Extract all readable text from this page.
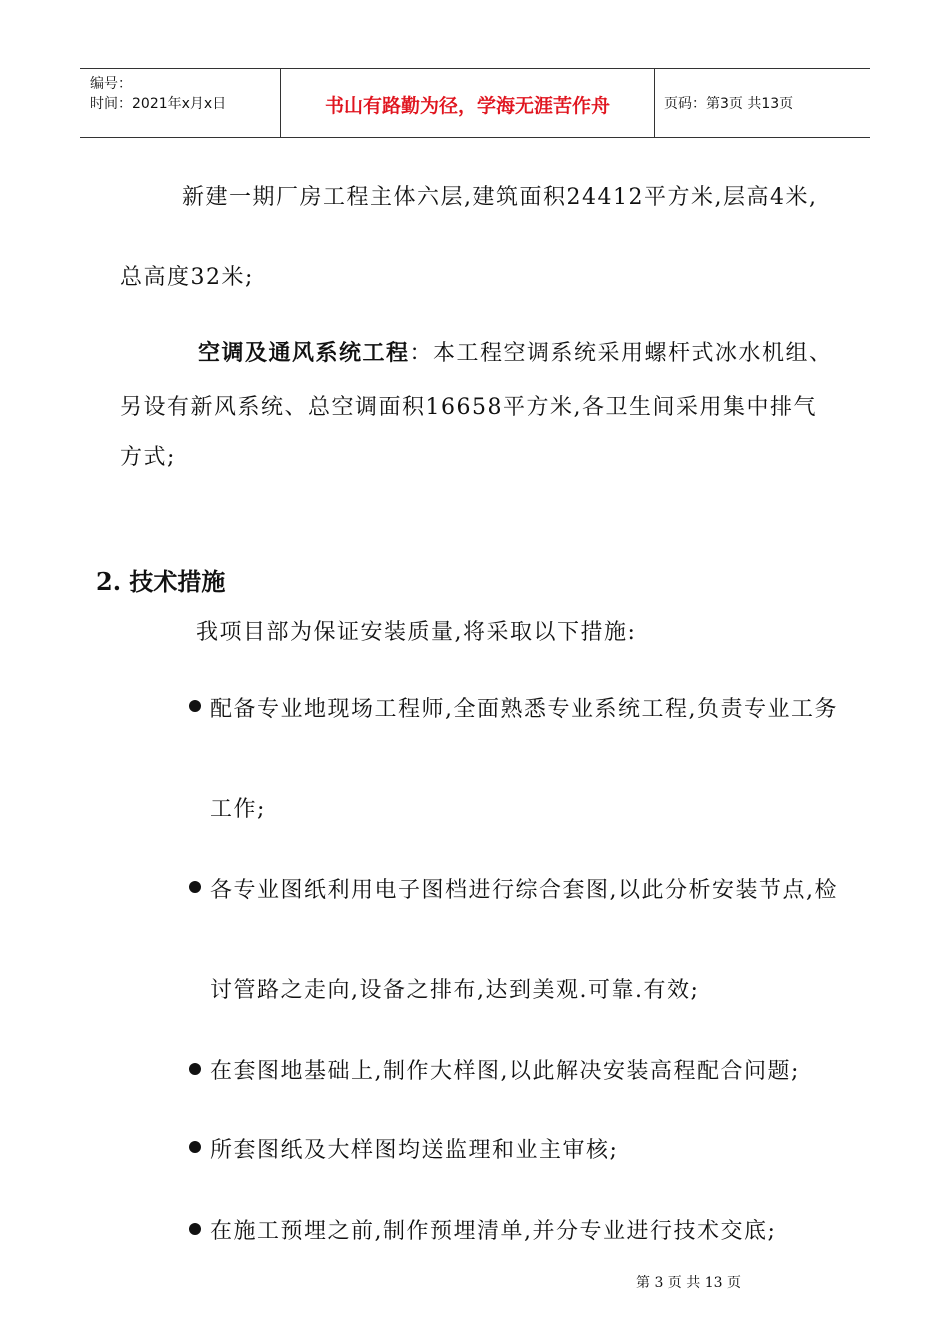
编号：
时间：2021年x月x日	书山有路勤为径，学海无涯苦作舟	页码：第3页 共13页
新建一期厂房工程主体六层,建筑面积24412平方米,层高4米,
总高度32米;
空调及通风系统工程：本工程空调系统采用螺杆式冰水机组、
另设有新风系统、总空调面积16658平方米,各卫生间采用集中排气
方式;
2. 技术措施
我项目部为保证安装质量,将采取以下措施:
配备专业地现场工程师,全面熟悉专业系统工程,负责专业工务
工作;
各专业图纸利用电子图档进行综合套图,以此分析安装节点,检
讨管路之走向,设备之排布,达到美观.可靠.有效;
在套图地基础上,制作大样图,以此解决安装高程配合问题;
所套图纸及大样图均送监理和业主审核;
在施工预埋之前,制作预埋清单,并分专业进行技术交底;
第 3 页 共 13 页
